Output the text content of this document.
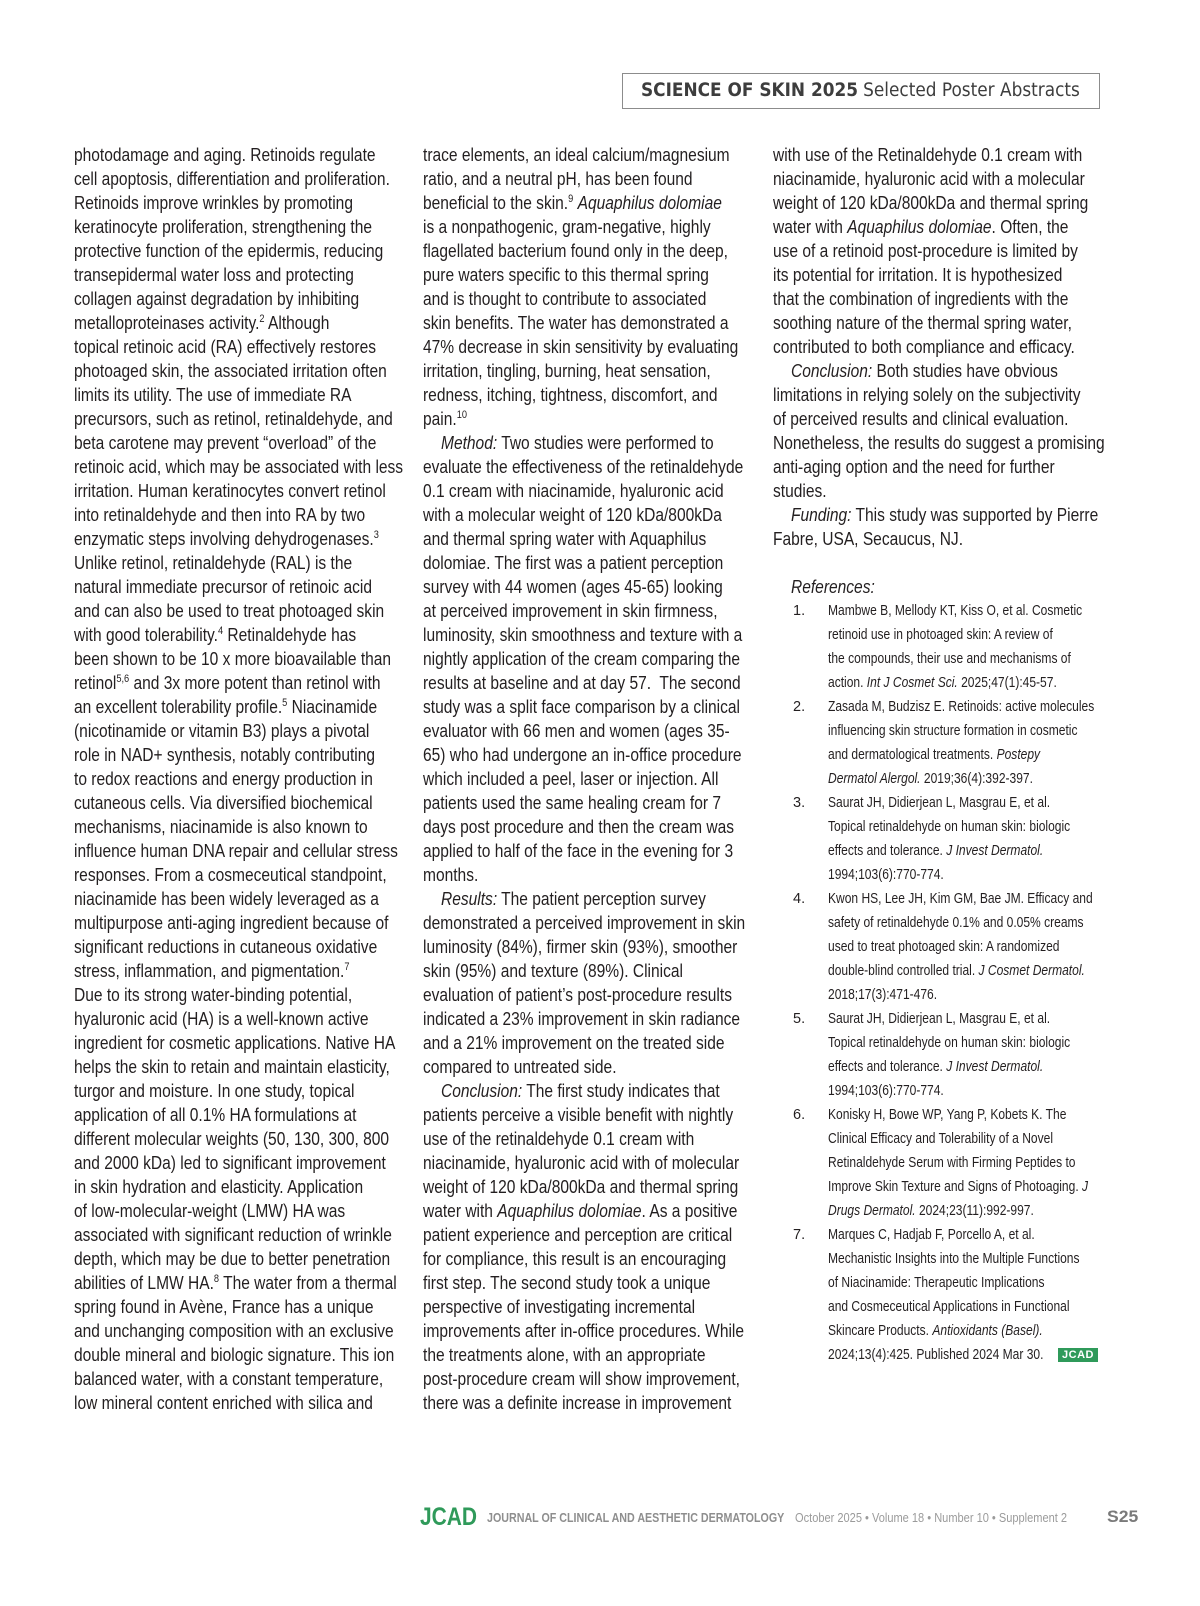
SCIENCE OF SKIN 2025 Selected Poster Abstracts
photodamage and aging. Retinoids regulate
cell apoptosis, differentiation and proliferation.
Retinoids improve wrinkles by promoting
keratinocyte proliferation, strengthening the
protective function of the epidermis, reducing
transepidermal water loss and protecting
collagen against degradation by inhibiting
metalloproteinases activity.$^2$ Although
topical retinoic acid (RA) effectively restores
photoaged skin, the associated irritation often
limits its utility. The use of immediate RA
precursors, such as retinol, retinaldehyde, and
beta carotene may prevent “overload” of the
retinoic acid, which may be associated with less
irritation. Human keratinocytes convert retinol
into retinaldehyde and then into RA by two
enzymatic steps involving dehydrogenases.$^3$
Unlike retinol, retinaldehyde (RAL) is the
natural immediate precursor of retinoic acid
and can also be used to treat photoaged skin
with good tolerability.$^4$ Retinaldehyde has
been shown to be 10 x more bioavailable than
retinol$^{5,6}$ and 3x more potent than retinol with
an excellent tolerability profile.$^5$ Niacinamide
(nicotinamide or vitamin B3) plays a pivotal
role in NAD+ synthesis, notably contributing
to redox reactions and energy production in
cutaneous cells. Via diversified biochemical
mechanisms, niacinamide is also known to
influence human DNA repair and cellular stress
responses. From a cosmeceutical standpoint,
niacinamide has been widely leveraged as a
multipurpose anti-aging ingredient because of
significant reductions in cutaneous oxidative
stress, inflammation, and pigmentation.$^7$
Due to its strong water-binding potential,
hyaluronic acid (HA) is a well-known active
ingredient for cosmetic applications. Native HA
helps the skin to retain and maintain elasticity,
turgor and moisture. In one study, topical
application of all 0.1% HA formulations at
different molecular weights (50, 130, 300, 800
and 2000 kDa) led to significant improvement
in skin hydration and elasticity. Application
of low-molecular-weight (LMW) HA was
associated with significant reduction of wrinkle
depth, which may be due to better penetration
abilities of LMW HA.$^8$ The water from a thermal
spring found in Avène, France has a unique
and unchanging composition with an exclusive
double mineral and biologic signature. This ion
balanced water, with a constant temperature,
low mineral content enriched with silica and
trace elements, an ideal calcium/magnesium
ratio, and a neutral pH, has been found
beneficial to the skin.$^9$ Aquaphilus dolomiae
is a nonpathogenic, gram-negative, highly
flagellated bacterium found only in the deep,
pure waters specific to this thermal spring
and is thought to contribute to associated
skin benefits. The water has demonstrated a
47% decrease in skin sensitivity by evaluating
irritation, tingling, burning, heat sensation,
redness, itching, tightness, discomfort, and
pain.$^{10}$
Method: Two studies were performed to
evaluate the effectiveness of the retinaldehyde
0.1 cream with niacinamide, hyaluronic acid
with a molecular weight of 120 kDa/800kDa
and thermal spring water with Aquaphilus
dolomiae. The first was a patient perception
survey with 44 women (ages 45-65) looking
at perceived improvement in skin firmness,
luminosity, skin smoothness and texture with a
nightly application of the cream comparing the
results at baseline and at day 57.  The second
study was a split face comparison by a clinical
evaluator with 66 men and women (ages 35-
65) who had undergone an in-office procedure
which included a peel, laser or injection. All
patients used the same healing cream for 7
days post procedure and then the cream was
applied to half of the face in the evening for 3
months.
Results: The patient perception survey
demonstrated a perceived improvement in skin
luminosity (84%), firmer skin (93%), smoother
skin (95%) and texture (89%). Clinical
evaluation of patient’s post-procedure results
indicated a 23% improvement in skin radiance
and a 21% improvement on the treated side
compared to untreated side.
Conclusion: The first study indicates that
patients perceive a visible benefit with nightly
use of the retinaldehyde 0.1 cream with
niacinamide, hyaluronic acid with of molecular
weight of 120 kDa/800kDa and thermal spring
water with Aquaphilus dolomiae. As a positive
patient experience and perception are critical
for compliance, this result is an encouraging
first step. The second study took a unique
perspective of investigating incremental
improvements after in-office procedures. While
the treatments alone, with an appropriate
post-procedure cream will show improvement,
there was a definite increase in improvement
with use of the Retinaldehyde 0.1 cream with
niacinamide, hyaluronic acid with a molecular
weight of 120 kDa/800kDa and thermal spring
water with Aquaphilus dolomiae. Often, the
use of a retinoid post-procedure is limited by
its potential for irritation. It is hypothesized
that the combination of ingredients with the
soothing nature of the thermal spring water,
contributed to both compliance and efficacy.
Conclusion: Both studies have obvious
limitations in relying solely on the subjectivity
of perceived results and clinical evaluation.
Nonetheless, the results do suggest a promising
anti-aging option and the need for further
studies.
Funding: This study was supported by Pierre
Fabre, USA, Secaucus, NJ.
References:
1. Mambwe B, Mellody KT, Kiss O, et al. Cosmetic
retinoid use in photoaged skin: A review of
the compounds, their use and mechanisms of
action. Int J Cosmet Sci. 2025;47(1):45-57.
2. Zasada M, Budzisz E. Retinoids: active molecules
influencing skin structure formation in cosmetic
and dermatological treatments. Postepy
Dermatol Alergol. 2019;36(4):392-397.
3. Saurat JH, Didierjean L, Masgrau E, et al.
Topical retinaldehyde on human skin: biologic
effects and tolerance. J Invest Dermatol.
1994;103(6):770-774.
4. Kwon HS, Lee JH, Kim GM, Bae JM. Efficacy and
safety of retinaldehyde 0.1% and 0.05% creams
used to treat photoaged skin: A randomized
double-blind controlled trial. J Cosmet Dermatol.
2018;17(3):471-476.
5. Saurat JH, Didierjean L, Masgrau E, et al.
Topical retinaldehyde on human skin: biologic
effects and tolerance. J Invest Dermatol.
1994;103(6):770-774.
6. Konisky H, Bowe WP, Yang P, Kobets K. The
Clinical Efficacy and Tolerability of a Novel
Retinaldehyde Serum with Firming Peptides to
Improve Skin Texture and Signs of Photoaging. J
Drugs Dermatol. 2024;23(11):992-997.
7. Marques C, Hadjab F, Porcello A, et al.
Mechanistic Insights into the Multiple Functions
of Niacinamide: Therapeutic Implications
and Cosmeceutical Applications in Functional
Skincare Products. Antioxidants (Basel).
2024;13(4):425. Published 2024 Mar 30.	JCAD
JCAD JOURNAL OF CLINICAL AND AESTHETIC DERMATOLOGY October 2025 • Volume 18 • Number 10 • Supplement 2 S25
